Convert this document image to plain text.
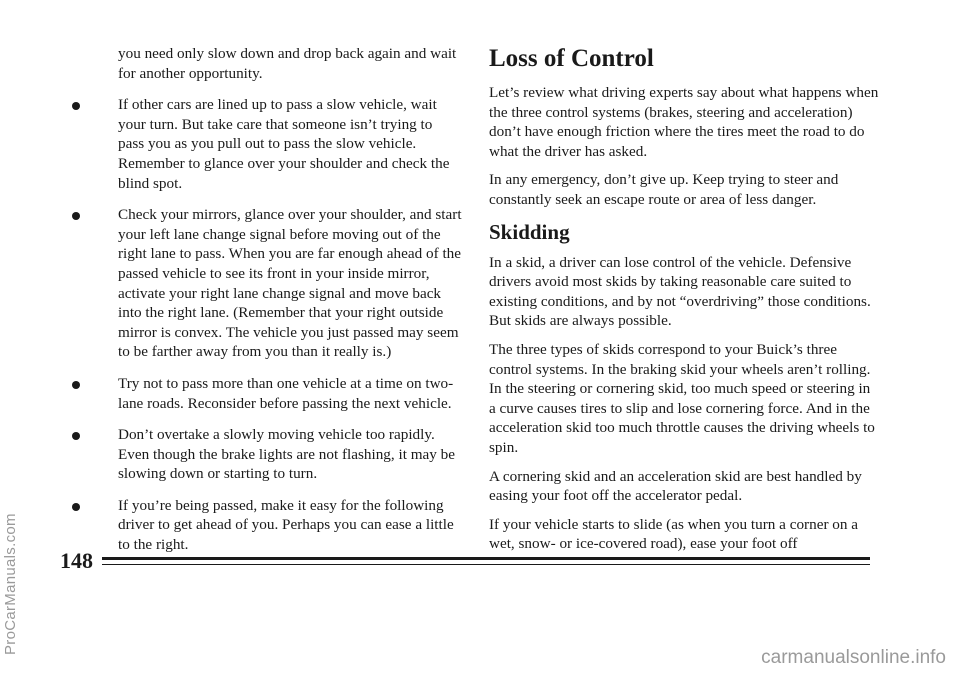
you need only slow down and drop back again and wait for another opportunity.

If other cars are lined up to pass a slow vehicle, wait your turn. But take care that someone isn’t trying to pass you as you pull out to pass the slow vehicle. Remember to glance over your shoulder and check the blind spot.
Check your mirrors, glance over your shoulder, and start your left lane change signal before moving out of the right lane to pass. When you are far enough ahead of the passed vehicle to see its front in your inside mirror, activate your right lane change signal and move back into the right lane. (Remember that your right outside mirror is convex. The vehicle you just passed may seem to be farther away from you than it really is.)
Try not to pass more than one vehicle at a time on two-lane roads. Reconsider before passing the next vehicle.
Don’t overtake a slowly moving vehicle too rapidly. Even though the brake lights are not flashing, it may be slowing down or starting to turn.
If you’re being passed, make it easy for the following driver to get ahead of you. Perhaps you can ease a little to the right.
Loss of Control

Let’s review what driving experts say about what happens when the three control systems (brakes, steering and acceleration) don’t have enough friction where the tires meet the road to do what the driver has asked.

In any emergency, don’t give up. Keep trying to steer and constantly seek an escape route or area of less danger.

Skidding

In a skid, a driver can lose control of the vehicle. Defensive drivers avoid most skids by taking reasonable care suited to existing conditions, and by not “overdriving” those conditions. But skids are always possible.

The three types of skids correspond to your Buick’s three control systems. In the braking skid your wheels aren’t rolling. In the steering or cornering skid, too much speed or steering in a curve causes tires to slip and lose cornering force. And in the acceleration skid too much throttle causes the driving wheels to spin.

A cornering skid and an acceleration skid are best handled by easing your foot off the accelerator pedal.

If your vehicle starts to slide (as when you turn a corner on a wet, snow- or ice-covered road), ease your foot off

148
ProCarManuals.com
carmanualsonline.info
